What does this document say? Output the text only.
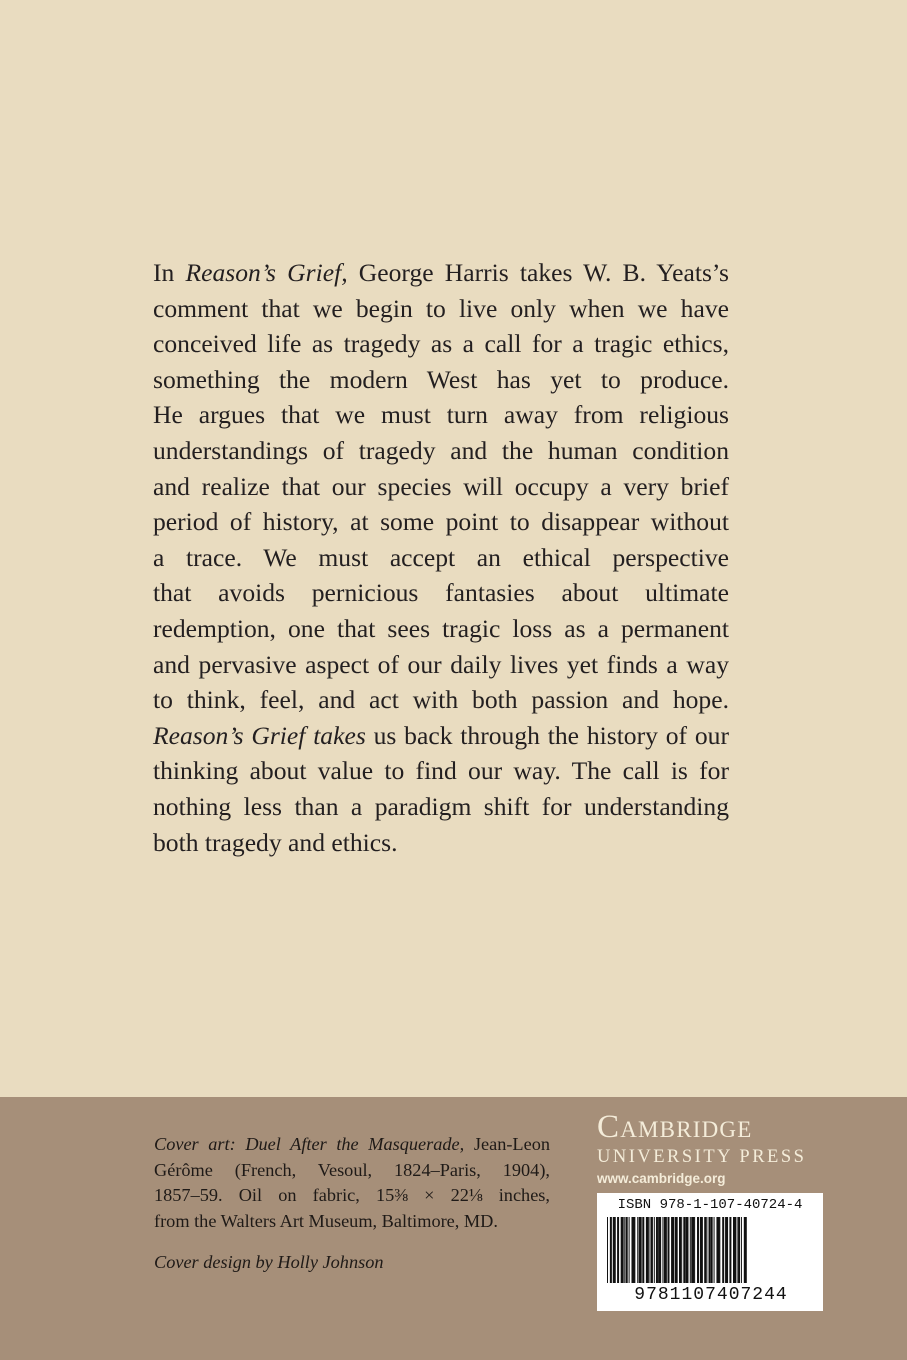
In Reason’s Grief, George Harris takes W. B. Yeats’s
comment that we begin to live only when we have
conceived life as tragedy as a call for a tragic ethics,
something the modern West has yet to produce.
He argues that we must turn away from religious
understandings of tragedy and the human condition
and realize that our species will occupy a very brief
period of history, at some point to disappear without
a trace. We must accept an ethical perspective
that avoids pernicious fantasies about ultimate
redemption, one that sees tragic loss as a permanent
and pervasive aspect of our daily lives yet finds a way
to think, feel, and act with both passion and hope.
Reason’s Grief takes us back through the history of our
thinking about value to find our way. The call is for
nothing less than a paradigm shift for understanding
both tragedy and ethics.
Cover art: Duel After the Masquerade, Jean-Leon
Gérôme (French, Vesoul, 1824–Paris, 1904),
1857–59. Oil on fabric, 15⅜ × 22⅛ inches,
from the Walters Art Museum, Baltimore, MD.
Cover design by Holly Johnson
Cambridge
UNIVERSITY PRESS
www.cambridge.org
ISBN 978-1-107-40724-4
9781107407244
